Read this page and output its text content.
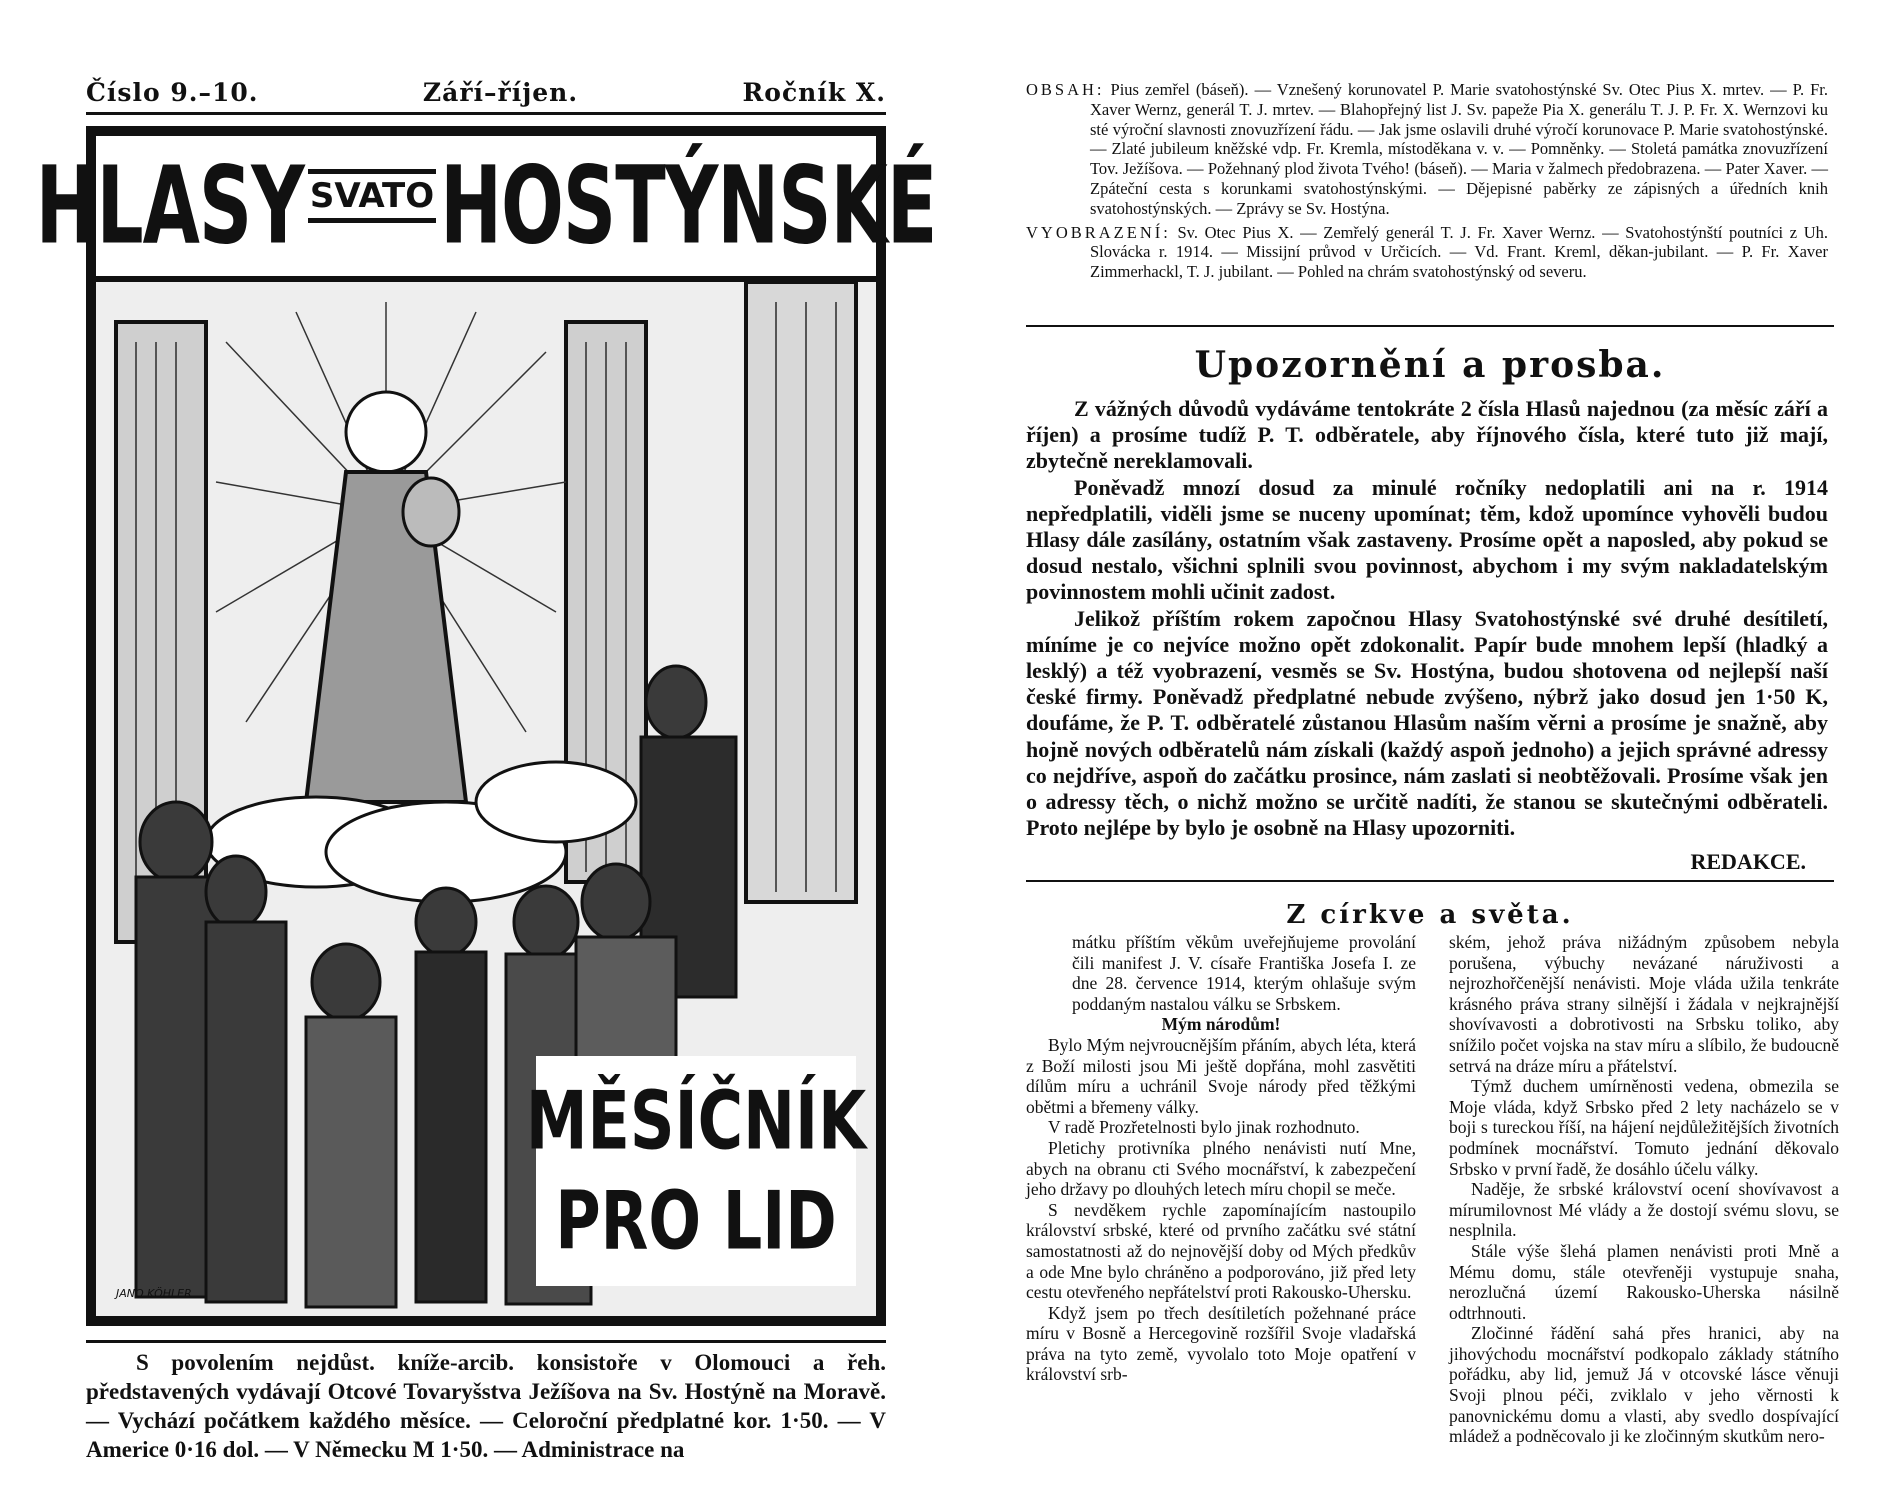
Číslo 9.–10.	Září–říjen.	Ročník X.
HLASY SVATO HOSTÝNSKÉ
MĚSÍČNÍK
PRO LID
JANO KÖHLER
S povolením nejdůst. kníže-arcib. konsistoře v Olomouci a řeh. představených vydávají Otcové Tovaryšstva Ježíšova na Sv. Hostýně na Moravě. — Vychází počátkem každého měsíce. — Celoroční předplatné kor. 1·50. — V Americe 0·16 dol. — V Německu M 1·50. — Administrace na

OBSAH: Pius zemřel (báseň). — Vznešený korunovatel P. Marie svatohostýnské Sv. Otec Pius X. mrtev. — P. Fr. Xaver Wernz, generál T. J. mrtev. — Blahopřejný list J. Sv. papeže Pia X. generálu T. J. P. Fr. X. Wernzovi ku sté výroční slavnosti znovuzřízení řádu. — Jak jsme oslavili druhé výročí korunovace P. Marie svatohostýnské. — Zlaté jubileum kněžské vdp. Fr. Kremla, místoděkana v. v. — Pomněnky. — Stoletá památka znovuzřízení Tov. Ježíšova. — Požehnaný plod života Tvého! (báseň). — Maria v žalmech předobrazena. — Pater Xaver. — Zpáteční cesta s korunkami svatohostýnskými. — Dějepisné paběrky ze zápisných a úředních knih svatohostýnských. — Zprávy se Sv. Hostýna.

VYOBRAZENÍ: Sv. Otec Pius X. — Zemřelý generál T. J. Fr. Xaver Wernz. — Svatohostýnští poutníci z Uh. Slovácka r. 1914. — Missijní průvod v Určicích. — Vd. Frant. Kreml, děkan-jubilant. — P. Fr. Xaver Zimmerhackl, T. J. jubilant. — Pohled na chrám svatohostýnský od severu.

Upozornění a prosba.

Z vážných důvodů vydáváme tentokráte 2 čísla Hlasů najednou (za měsíc září a říjen) a prosíme tudíž P. T. odběratele, aby říjnového čísla, které tuto již mají, zbytečně nereklamovali.

Poněvadž mnozí dosud za minulé ročníky nedoplatili ani na r. 1914 nepředplatili, viděli jsme se nuceny upomínat; těm, kdož upomínce vyhověli budou Hlasy dále zasílány, ostatním však zastaveny. Prosíme opět a naposled, aby pokud se dosud nestalo, všichni splnili svou povinnost, abychom i my svým nakladatelským povinnostem mohli učinit zadost.

Jelikož příštím rokem započnou Hlasy Svatohostýnské své druhé desítiletí, míníme je co nejvíce možno opět zdokonalit. Papír bude mnohem lepší (hladký a lesklý) a též vyobrazení, vesměs se Sv. Hostýna, budou shotovena od nejlepší naší české firmy. Poněvadž předplatné nebude zvýšeno, nýbrž jako dosud jen 1·50 K, doufáme, že P. T. odběratelé zůstanou Hlasům naším věrni a prosíme je snažně, aby hojně nových odběratelů nám získali (každý aspoň jednoho) a jejich správné adressy co nejdříve, aspoň do začátku prosince, nám zaslati si neobtěžovali. Prosíme však jen o adressy těch, o nichž možno se určitě nadíti, že stanou se skutečnými odběrateli. Proto nejlépe by bylo je osobně na Hlasy upozorniti.

REDAKCE.

Z církve a světa.

mátku příštím věkům uveřejňujeme provolání čili manifest J. V. císaře Františka Josefa I. ze dne 28. července 1914, kterým ohlašuje svým poddaným nastalou válku se Srbskem.

Mým národům!

Bylo Mým nejvroucnějším přáním, abych léta, která z Boží milosti jsou Mi ještě dopřána, mohl zasvětiti dílům míru a uchránil Svoje národy před těžkými obětmi a břemeny války.

V radě Prozřetelnosti bylo jinak rozhodnuto.

Pletichy protivníka plného nenávisti nutí Mne, abych na obranu cti Svého mocnářství, k zabezpečení jeho državy po dlouhých letech míru chopil se meče.

S nevděkem rychle zapomínajícím nastoupilo království srbské, které od prvního začátku své státní samostatnosti až do nejnovější doby od Mých předkův a ode Mne bylo chráněno a podporováno, již před lety cestu otevřeného nepřátelství proti Rakousko-Uhersku.

Když jsem po třech desítiletích požehnané práce míru v Bosně a Hercegovině rozšířil Svoje vladařská práva na tyto země, vyvolalo toto Moje opatření v království srb-

ském, jehož práva nižádným způsobem nebyla porušena, výbuchy nevázané náruživosti a nejrozhořčenější nenávisti. Moje vláda užila tenkráte krásného práva strany silnější i žádala v nejkrajnější shovívavosti a dobrotivosti na Srbsku toliko, aby snížilo počet vojska na stav míru a slíbilo, že budoucně setrvá na dráze míru a přátelství.

Týmž duchem umírněnosti vedena, obmezila se Moje vláda, když Srbsko před 2 lety nacházelo se v boji s tureckou říší, na hájení nejdůležitějších životních podmínek mocnářství. Tomuto jednání děkovalo Srbsko v první řadě, že dosáhlo účelu války.

Naděje, že srbské království ocení shovívavost a mírumilovnost Mé vlády a že dostojí svému slovu, se nesplnila.

Stále výše šlehá plamen nenávisti proti Mně a Mému domu, stále otevřeněji vystupuje snaha, nerozlučná území Rakousko-Uherska násilně odtrhnouti.

Zločinné řádění sahá přes hranici, aby na jihovýchodu mocnářství podkopalo základy státního pořádku, aby lid, jemuž Já v otcovské lásce věnuji Svoji plnou péči, zviklalo v jeho věrnosti k panovnickému domu a vlasti, aby svedlo dospívající mládež a podněcovalo ji ke zločinným skutkům nero-
